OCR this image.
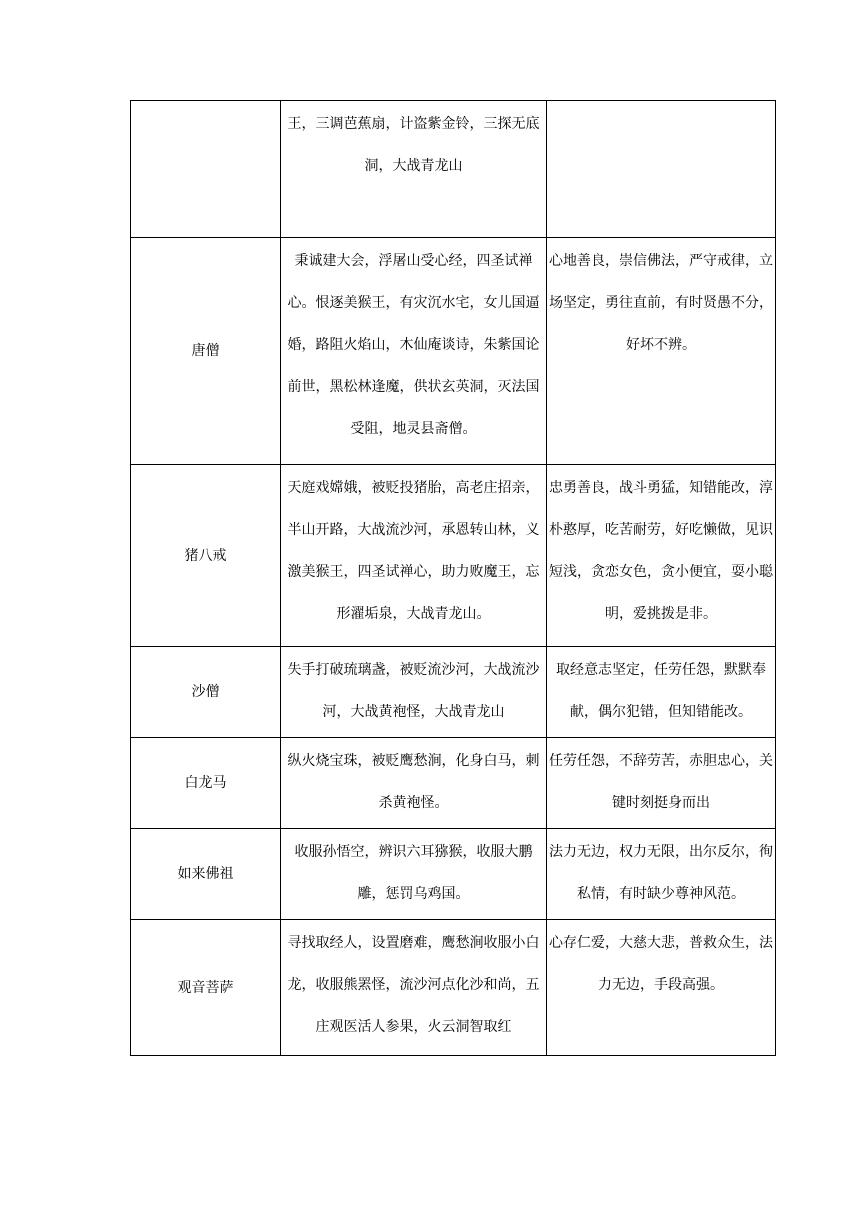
	王，三调芭蕉扇，计盗紫金铃，三探无底洞，大战青龙山	

唐僧	秉诚建大会，浮屠山受心经，四圣试禅心。恨逐美猴王，有灾沉水宅，女儿国逼婚，路阻火焰山，木仙庵谈诗，朱紫国论前世，黑松林逢魔，供状玄英洞，灭法国受阻，地灵县斋僧。	心地善良，崇信佛法，严守戒律，立场坚定，勇往直前，有时贤愚不分，好坏不辨。

猪八戒	天庭戏嫦娥，被贬投猪胎，高老庄招亲，半山开路，大战流沙河，承恩转山林，义激美猴王，四圣试禅心，助力败魔王，忘形濯垢泉，大战青龙山。	忠勇善良，战斗勇猛，知错能改，淳朴憨厚，吃苦耐劳，好吃懒做，见识短浅，贪恋女色，贪小便宜，耍小聪明，爱挑拨是非。

沙僧	失手打破琉璃盏，被贬流沙河，大战流沙河，大战黄袍怪，大战青龙山	取经意志坚定，任劳任怨，默默奉献，偶尔犯错，但知错能改。

白龙马	纵火烧宝珠，被贬鹰愁涧，化身白马，刺杀黄袍怪。	任劳任怨，不辞劳苦，赤胆忠心，关键时刻挺身而出

如来佛祖	收服孙悟空，辨识六耳猕猴，收服大鹏雕，惩罚乌鸡国。	法力无边，权力无限，出尔反尔，徇私情，有时缺少尊神风范。

观音菩萨	寻找取经人，设置磨难，鹰愁涧收服小白龙，收服熊罴怪，流沙河点化沙和尚，五庄观医活人参果，火云洞智取红	心存仁爱，大慈大悲，普救众生，法力无边，手段高强。
